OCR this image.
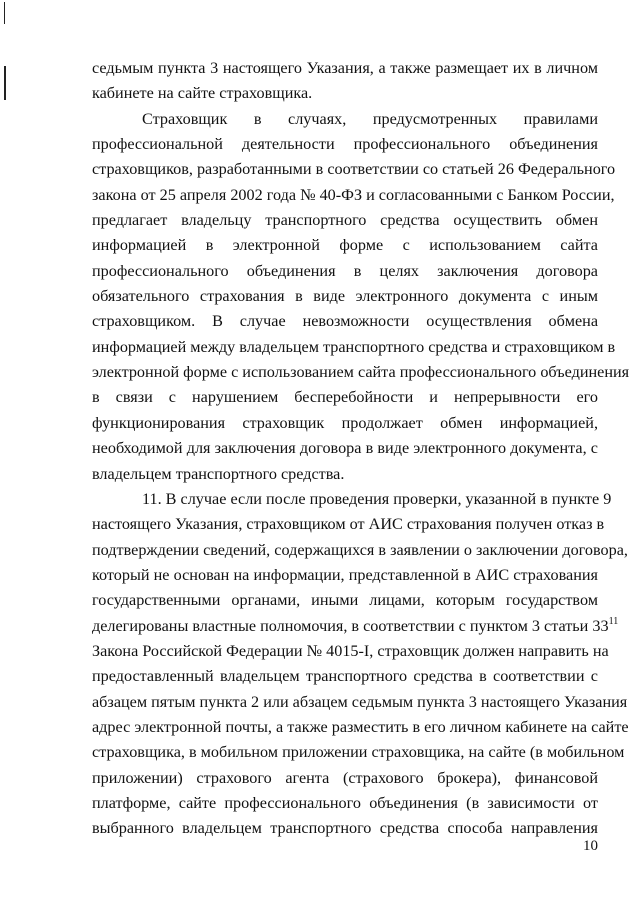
седьмым пункта 3 настоящего Указания, а также размещает их в личном
кабинете на сайте страховщика.
Страховщик в случаях, предусмотренных правилами
профессиональной деятельности профессионального объединения
страховщиков, разработанными в соответствии со статьей 26 Федерального
закона от 25 апреля 2002 года № 40-ФЗ и согласованными с Банком России,
предлагает владельцу транспортного средства осуществить обмен
информацией в электронной форме с использованием сайта
профессионального объединения в целях заключения договора
обязательного страхования в виде электронного документа с иным
страховщиком. В случае невозможности осуществления обмена
информацией между владельцем транспортного средства и страховщиком в
электронной форме с использованием сайта профессионального объединения
в связи с нарушением бесперебойности и непрерывности его
функционирования страховщик продолжает обмен информацией,
необходимой для заключения договора в виде электронного документа, с
владельцем транспортного средства.
11. В случае если после проведения проверки, указанной в пункте 9
настоящего Указания, страховщиком от АИС страхования получен отказ в
подтверждении сведений, содержащихся в заявлении о заключении договора,
который не основан на информации, представленной в АИС страхования
государственными органами, иными лицами, которым государством
делегированы властные полномочия, в соответствии с пунктом 3 статьи $33^{11}$
Закона Российской Федерации № 4015-I, страховщик должен направить на
предоставленный владельцем транспортного средства в соответствии с
абзацем пятым пункта 2 или абзацем седьмым пункта 3 настоящего Указания
адрес электронной почты, а также разместить в его личном кабинете на сайте
страховщика, в мобильном приложении страховщика, на сайте (в мобильном
приложении) страхового агента (страхового брокера), финансовой
платформе, сайте профессионального объединения (в зависимости от
выбранного владельцем транспортного средства способа направления
10
